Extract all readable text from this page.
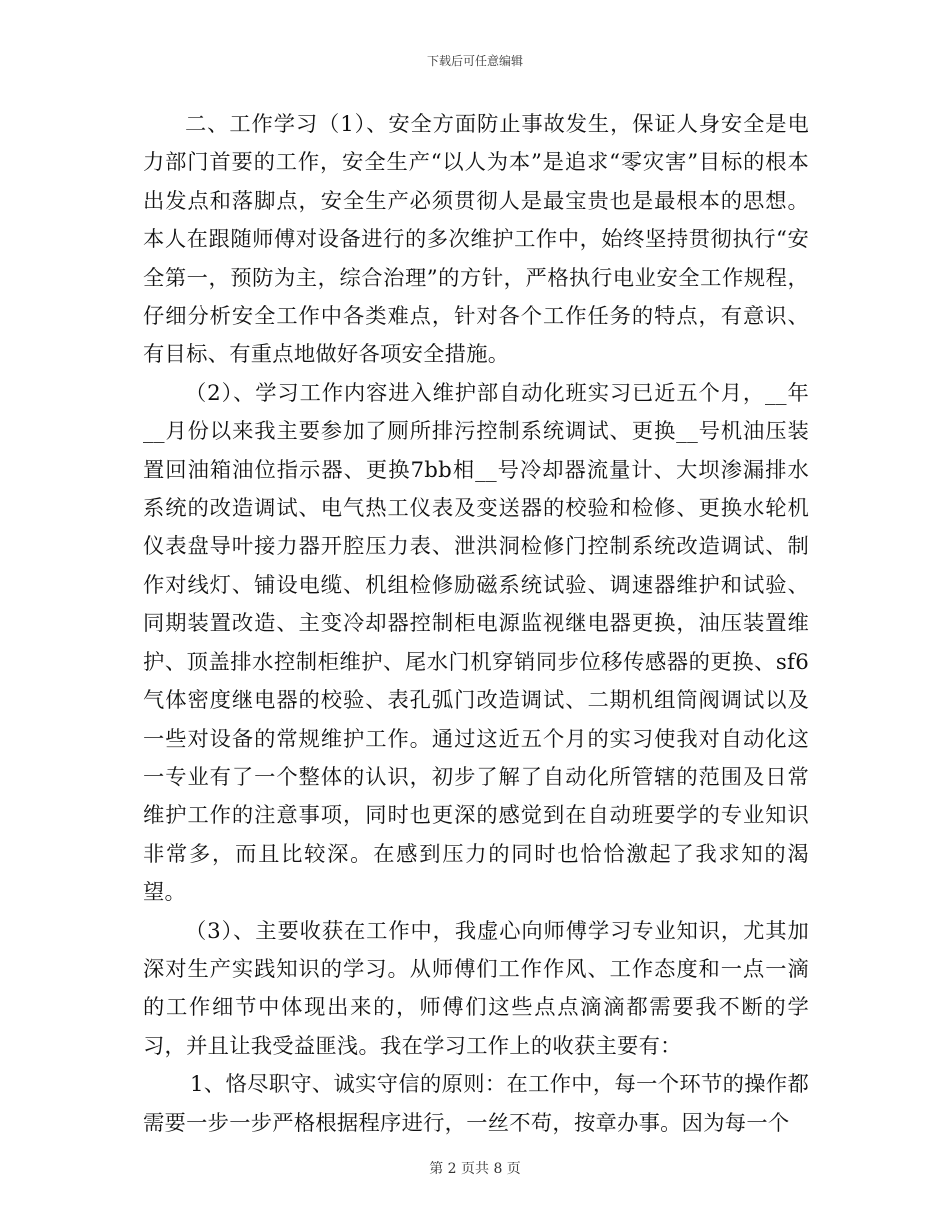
下载后可任意编辑

二、工作学习（1）、安全方面防止事故发生，保证人身安全是电力部门首要的工作，安全生产“以人为本”是追求“零灾害”目标的根本出发点和落脚点，安全生产必须贯彻人是最宝贵也是最根本的思想。本人在跟随师傅对设备进行的多次维护工作中，始终坚持贯彻执行“安全第一，预防为主，综合治理”的方针，严格执行电业安全工作规程，仔细分析安全工作中各类难点，针对各个工作任务的特点，有意识、有目标、有重点地做好各项安全措施。

（2）、学习工作内容进入维护部自动化班实习已近五个月，__年__月份以来我主要参加了厕所排污控制系统调试、更换__号机油压装置回油箱油位指示器、更换7bb相__号冷却器流量计、大坝渗漏排水系统的改造调试、电气热工仪表及变送器的校验和检修、更换水轮机仪表盘导叶接力器开腔压力表、泄洪洞检修门控制系统改造调试、制作对线灯、铺设电缆、机组检修励磁系统试验、调速器维护和试验、同期装置改造、主变冷却器控制柜电源监视继电器更换，油压装置维护、顶盖排水控制柜维护、尾水门机穿销同步位移传感器的更换、sf6气体密度继电器的校验、表孔弧门改造调试、二期机组筒阀调试以及一些对设备的常规维护工作。通过这近五个月的实习使我对自动化这一专业有了一个整体的认识，初步了解了自动化所管辖的范围及日常维护工作的注意事项，同时也更深的感觉到在自动班要学的专业知识非常多，而且比较深。在感到压力的同时也恰恰激起了我求知的渴望。

（3）、主要收获在工作中，我虚心向师傅学习专业知识，尤其加深对生产实践知识的学习。从师傅们工作作风、工作态度和一点一滴的工作细节中体现出来的，师傅们这些点点滴滴都需要我不断的学习，并且让我受益匪浅。我在学习工作上的收获主要有：

1、恪尽职守、诚实守信的原则：在工作中，每一个环节的操作都需要一步一步严格根据程序进行，一丝不苟，按章办事。因为每一个

第 2 页共 8 页
